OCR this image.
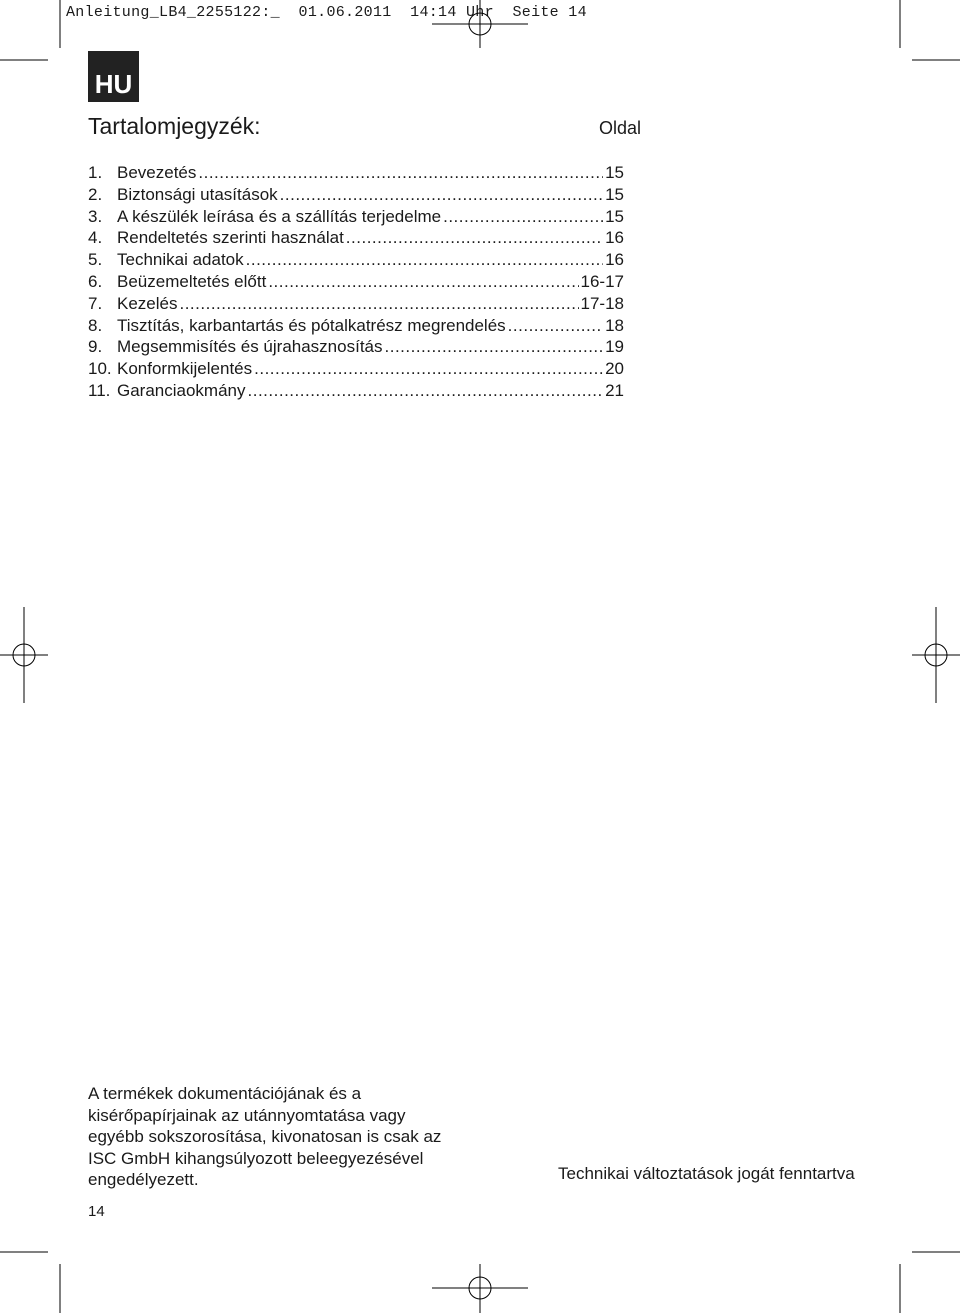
Anleitung_LB4_2255122:_  01.06.2011  14:14 Uhr  Seite 14
HU
Tartalomjegyzék:	Oldal
1. Bevezetés .....	15
2. Biztonsági utasítások .....	15
3. A készülék leírása és a szállítás terjedelme .....	15
4. Rendeltetés szerinti használat .....	16
5. Technikai adatok .....	16
6. Beüzemeltetés előtt .....	16-17
7. Kezelés .....	17-18
8. Tisztítás, karbantartás és pótalkatrész megrendelés .....	18
9. Megsemmisítés és újrahasznosítás .....	19
10. Konformkijelentés .....	20
11. Garanciaokmány .....	21
A termékek dokumentációjának és a
kisérőpapírjainak az utánnyomtatása vagy
egyébb sokszorosítása, kivonatosan is csak az
ISC GmbH kihangsúlyozott beleegyezésével
engedélyezett.	Technikai változtatások jogát fenntartva
14
